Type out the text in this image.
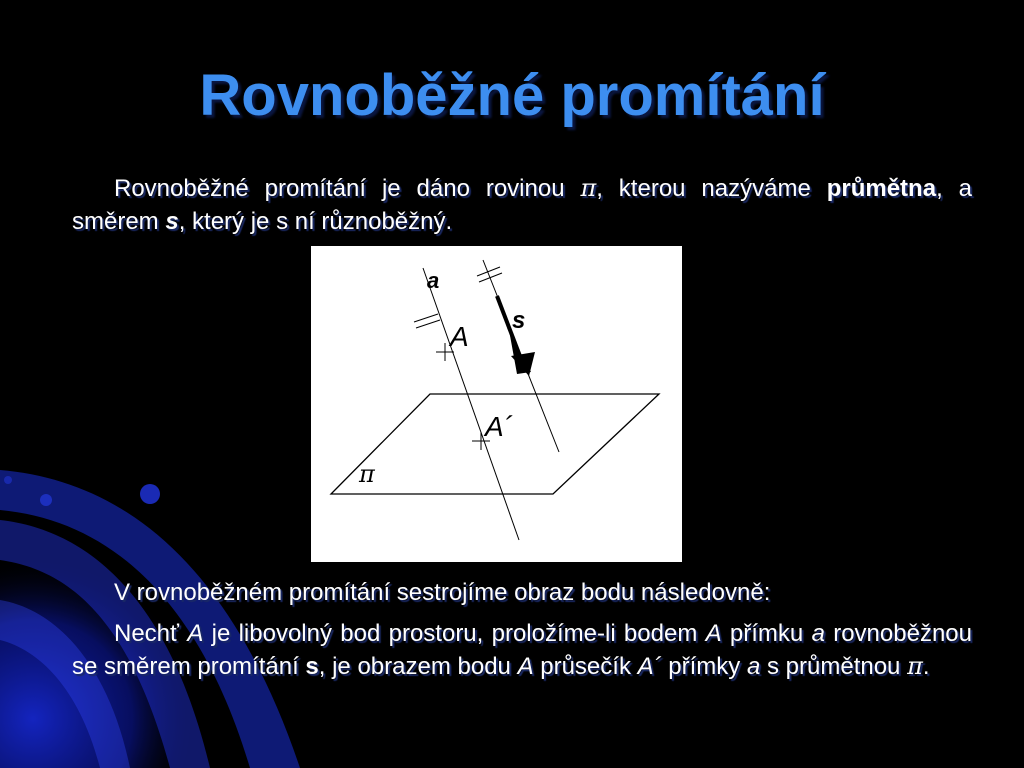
Rovnoběžné promítání
Rovnoběžné promítání je dáno rovinou π, kterou nazýváme průmětna, a směrem s, který je s ní různoběžný.
a
s
A
A´
π
V rovnoběžném promítání sestrojíme obraz bodu následovně:
Nechť A je libovolný bod prostoru, proložíme-li bodem A přímku a rovnoběžnou se směrem promítání s, je obrazem bodu A průsečík A´ přímky a s průmětnou π.
